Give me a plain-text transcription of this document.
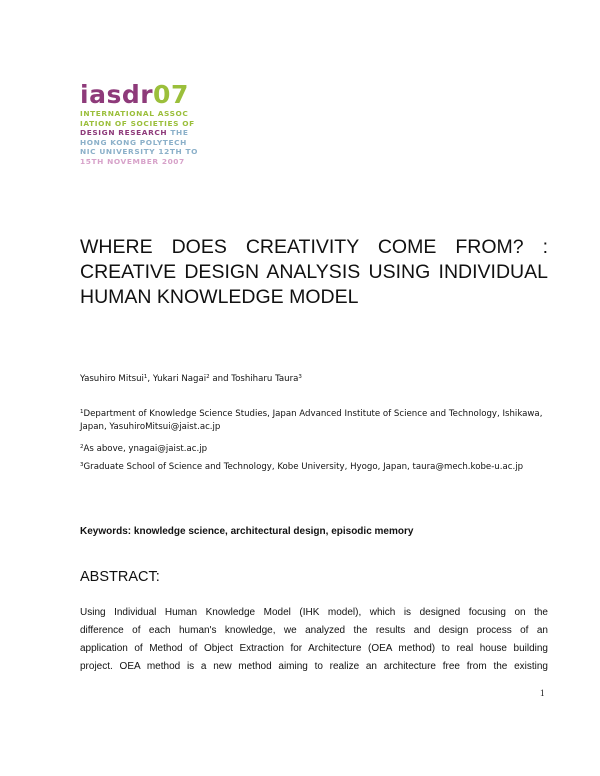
iasdr07
INTERNATIONAL ASSOC
IATION OF SOCIETIES OF
DESIGN RESEARCH THE
HONG KONG POLYTECH
NIC UNIVERSITY 12TH TO
15TH NOVEMBER 2007
WHERE DOES CREATIVITY COME FROM? :
CREATIVE DESIGN ANALYSIS USING INDIVIDUAL
HUMAN KNOWLEDGE MODEL
Yasuhiro Mitsui$^1$, Yukari Nagai$^2$ and Toshiharu Taura$^3$
$^1$Department of Knowledge Science Studies, Japan Advanced Institute of Science and Technology, Ishikawa, Japan, YasuhiroMitsui@jaist.ac.jp
$^2$As above, ynagai@jaist.ac.jp
$^3$Graduate School of Science and Technology, Kobe University, Hyogo, Japan, taura@mech.kobe-u.ac.jp
Keywords: knowledge science, architectural design, episodic memory
ABSTRACT:
Using Individual Human Knowledge Model (IHK model), which is designed focusing on the
difference of each human's knowledge, we analyzed the results and design process of an
application of Method of Object Extraction for Architecture (OEA method) to real house building
project. OEA method is a new method aiming to realize an architecture free from the existing
1
